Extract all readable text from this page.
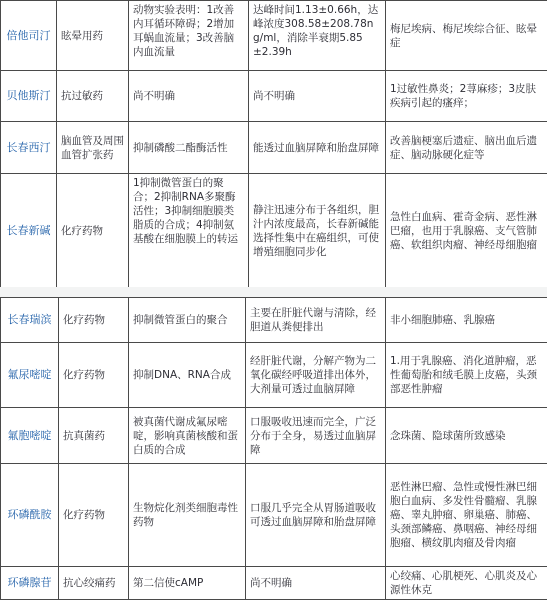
倍他司汀	眩晕用药	动物实验表明：1改善内耳循环障碍；2增加耳蜗血流量；3改善脑内血流量	达峰时间1.13±0.66h，达峰浓度308.58±208.78ng/ml，消除半衰期5.85±2.39h	梅尼埃病、梅尼埃综合征、眩晕症
贝他斯汀	抗过敏药	尚不明确	尚不明确	1过敏性鼻炎；2荨麻疹；3皮肤疾病引起的瘙痒；
长春西汀	脑血管及周围血管扩张药	抑制磷酸二酯酶活性	能透过血脑屏障和胎盘屏障	改善脑梗塞后遗症、脑出血后遗症、脑动脉硬化症等
长春新碱	化疗药物	1抑制微管蛋白的聚合；2抑制RNA多聚酶活性；3抑制细胞膜类脂质的合成；4抑制氨基酸在细胞膜上的转运	静注迅速分布于各组织，胆汁内浓度最高，长春新碱能选择性集中在癌组织，可使增殖细胞同步化	急性白血病、霍奇金病、恶性淋巴瘤，也用于乳腺癌、支气管肺癌、软组织肉瘤、神经母细胞瘤
长春瑞滨	化疗药物	抑制微管蛋白的聚合	主要在肝脏代谢与清除，经胆道从粪便排出	非小细胞肺癌、乳腺癌
氟尿嘧啶	化疗药物	抑制DNA、RNA合成	经肝脏代谢，分解产物为二氧化碳经呼吸道排出体外，大剂量可透过血脑屏障	1.用于乳腺癌、消化道肿瘤，恶性葡萄胎和绒毛膜上皮癌，头颈部恶性肿瘤
氟胞嘧啶	抗真菌药	被真菌代谢成氟尿嘧啶，影响真菌核酸和蛋白质的合成	口服吸收迅速而完全，广泛分布于全身，易透过血脑屏障	念珠菌、隐球菌所致感染
环磷酰胺	化疗药物	生物烷化剂类细胞毒性药物	口服几乎完全从胃肠道吸收可透过血脑屏障和胎盘屏障	恶性淋巴瘤、急性或慢性淋巴细胞白血病、多发性骨髓瘤、乳腺癌、睾丸肿瘤、卵巢癌、肺癌、头颈部鳞癌、鼻咽癌、神经母细胞瘤、横纹肌肉瘤及骨肉瘤
环磷腺苷	抗心绞痛药	第二信使cAMP	尚不明确	心绞痛、心肌梗死、心肌炎及心源性休克
